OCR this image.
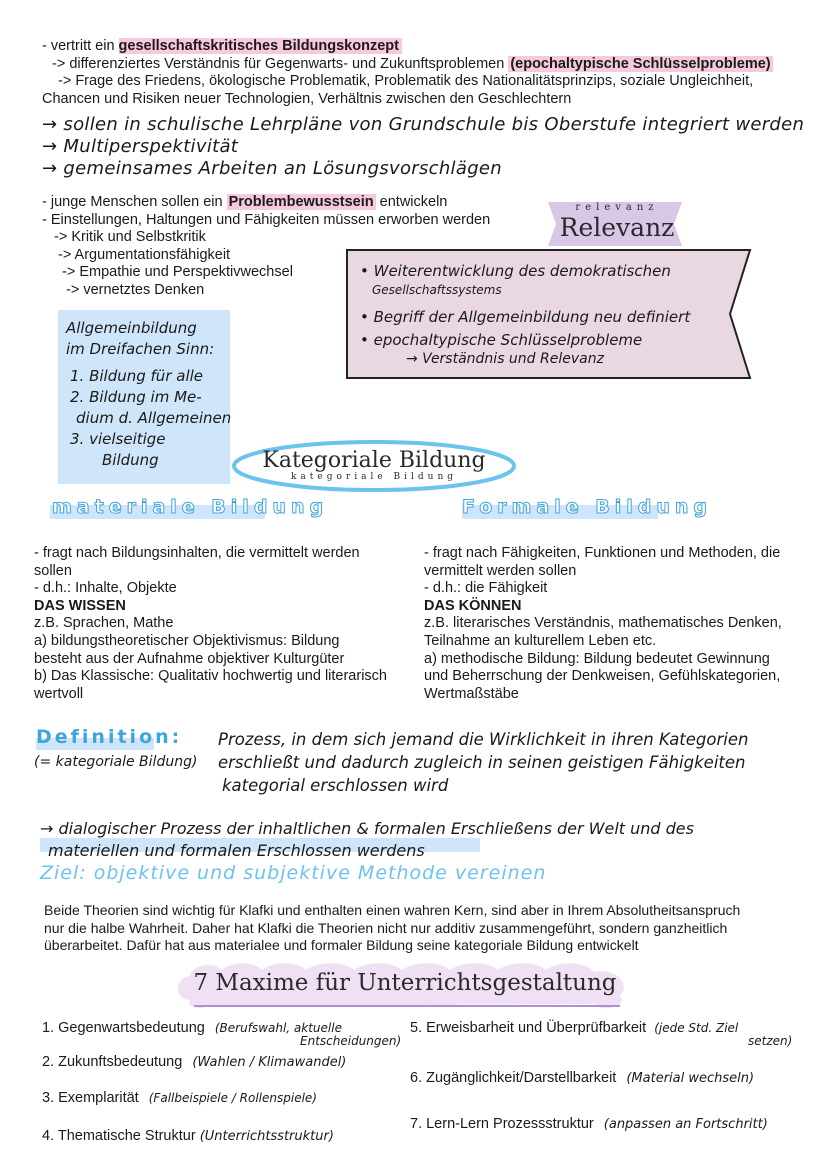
- vertritt ein gesellschaftskritisches Bildungskonzept
-> differenziertes Verständnis für Gegenwarts- und Zukunftsproblemen (epochaltypische Schlüsselprobleme)
-> Frage des Friedens, ökologische Problematik, Problematik des Nationalitätsprinzips, soziale Ungleichheit,
Chancen und Risiken neuer Technologien, Verhältnis zwischen den Geschlechtern
→ sollen in schulische Lehrpläne von Grundschule bis Oberstufe integriert werden
→ Multiperspektivität
→ gemeinsames Arbeiten an Lösungsvorschlägen
- junge Menschen sollen ein Problembewusstsein entwickeln
- Einstellungen, Haltungen und Fähigkeiten müssen erworben werden
-> Kritik und Selbstkritik
-> Argumentationsfähigkeit
-> Empathie und Perspektivwechsel
-> vernetztes Denken
relevanz
Relevanz
• Weiterentwicklung des demokratischen
Gesellschaftssystems
• Begriff der Allgemeinbildung neu definiert
• epochaltypische Schlüsselprobleme
→ Verständnis und Relevanz
Allgemeinbildung
im Dreifachen Sinn:
1. Bildung für alle
2. Bildung im Me-
dium d. Allgemeinen
3. vielseitige
Bildung	Kategoriale Bildung
kategoriale Bildung
materiale Bildung	Formale Bildung
- fragt nach Bildungsinhalten, die vermittelt werden
sollen
- d.h.: Inhalte, Objekte
DAS WISSEN
z.B. Sprachen, Mathe
a) bildungstheoretischer Objektivismus: Bildung
besteht aus der Aufnahme objektiver Kulturgüter
b) Das Klassische: Qualitativ hochwertig und literarisch
wertvoll
- fragt nach Fähigkeiten, Funktionen und Methoden, die
vermittelt werden sollen
- d.h.: die Fähigkeit
DAS KÖNNEN
z.B. literarisches Verständnis, mathematisches Denken,
Teilnahme an kulturellem Leben etc.
a) methodische Bildung: Bildung bedeutet Gewinnung
und Beherrschung der Denkweisen, Gefühlskategorien,
Wertmaßstäbe
Definition:
(= kategoriale Bildung)
Prozess, in dem sich jemand die Wirklichkeit in ihren Kategorien
erschließt und dadurch zugleich in seinen geistigen Fähigkeiten
kategorial erschlossen wird
→ dialogischer Prozess der inhaltlichen & formalen Erschließens der Welt und des
materiellen und formalen Erschlossen werdens
Ziel: objektive und subjektive Methode vereinen
Beide Theorien sind wichtig für Klafki und enthalten einen wahren Kern, sind aber in Ihrem Absolutheitsanspruch
nur die halbe Wahrheit. Daher hat Klafki die Theorien nicht nur additiv zusammengeführt, sondern ganzheitlich
überarbeitet. Dafür hat aus materialee und formaler Bildung seine kategoriale Bildung entwickelt
7 Maxime für Unterrichtsgestaltung
1. Gegenwartsbedeutung (Berufswahl, aktuelle
Entscheidungen)
2. Zukunftsbedeutung (Wahlen / Klimawandel)
3. Exemplarität (Fallbeispiele / Rollenspiele)
4. Thematische Struktur (Unterrichtsstruktur)
5. Erweisbarheit und Überprüfbarkeit (jede Std. Ziel
setzen)
6. Zugänglichkeit/Darstellbarkeit (Material wechseln)
7. Lern-Lern Prozessstruktur (anpassen an Fortschritt)
